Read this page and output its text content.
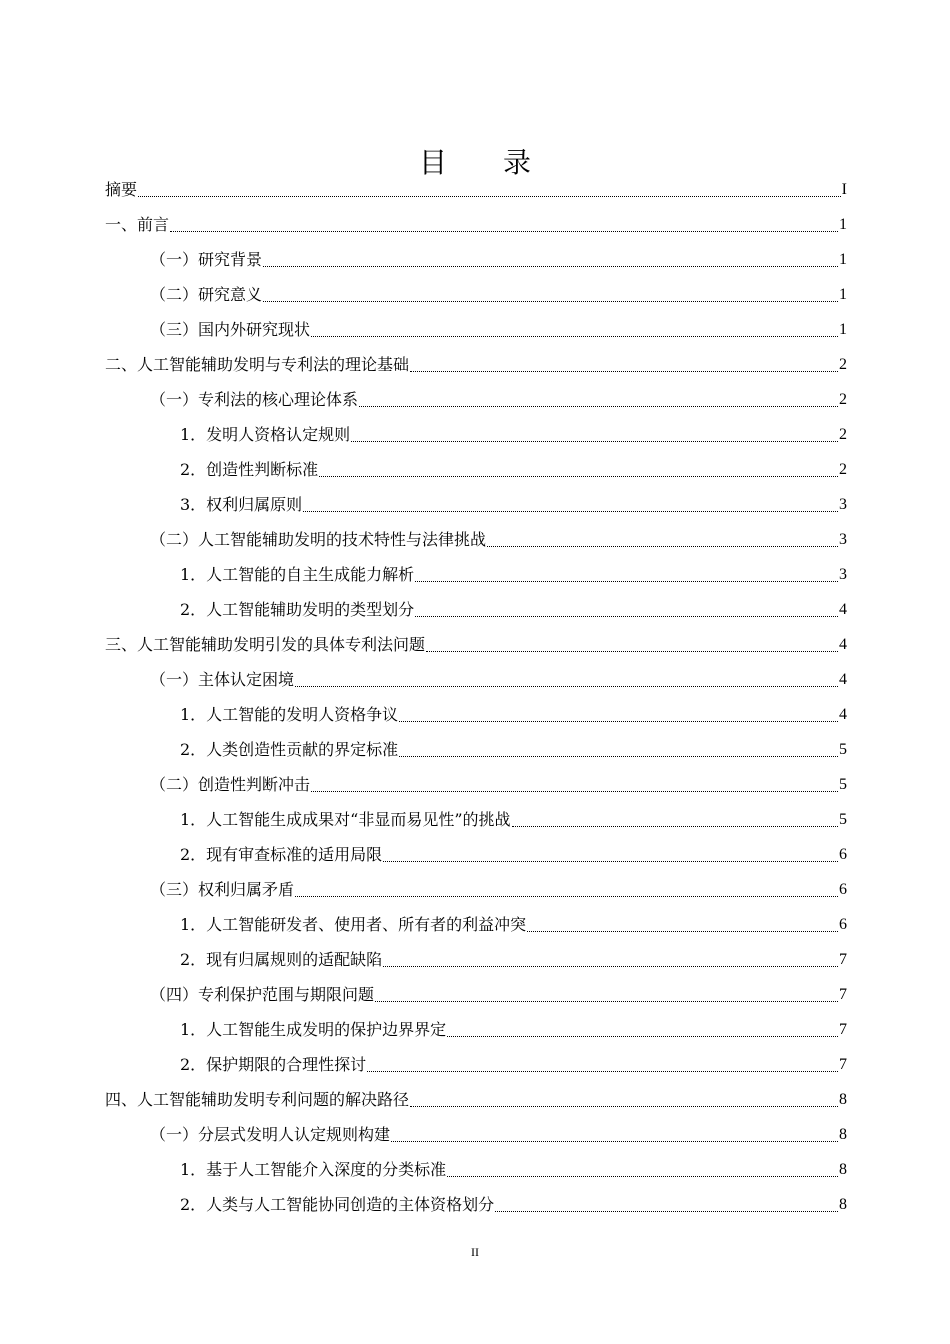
目　　录
摘要	I
一、前言	1
（一）研究背景	1
（二）研究意义	1
（三）国内外研究现状	1
二、人工智能辅助发明与专利法的理论基础	2
（一）专利法的核心理论体系	2
1．发明人资格认定规则	2
2．创造性判断标准	2
3．权利归属原则	3
（二）人工智能辅助发明的技术特性与法律挑战	3
1．人工智能的自主生成能力解析	3
2．人工智能辅助发明的类型划分	4
三、人工智能辅助发明引发的具体专利法问题	4
（一）主体认定困境	4
1．人工智能的发明人资格争议	4
2．人类创造性贡献的界定标准	5
（二）创造性判断冲击	5
1．人工智能生成成果对“非显而易见性”的挑战	5
2．现有审查标准的适用局限	6
（三）权利归属矛盾	6
1．人工智能研发者、使用者、所有者的利益冲突	6
2．现有归属规则的适配缺陷	7
（四）专利保护范围与期限问题	7
1．人工智能生成发明的保护边界界定	7
2．保护期限的合理性探讨	7
四、人工智能辅助发明专利问题的解决路径	8
（一）分层式发明人认定规则构建	8
1．基于人工智能介入深度的分类标准	8
2．人类与人工智能协同创造的主体资格划分	8
II
